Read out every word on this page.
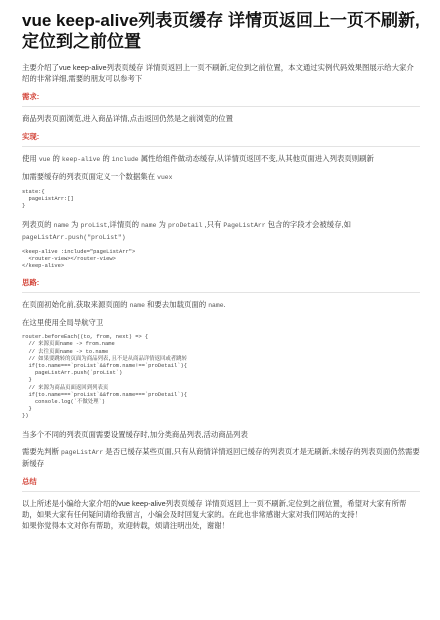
vue keep-alive列表页缓存 详情页返回上一页不刷新,定位到之前位置
主要介绍了vue keep-alive列表页缓存 详情页返回上一页不刷新,定位到之前位置，本文通过实例代码效果图展示给大家介绍的非常详细,需要的朋友可以参考下
需求:
商品列表页面浏览,进入商品详情,点击返回仍然是之前浏览的位置
实现:
使用 vue 的 keep-alive 的 include 属性给组件做动态缓存,从详情页返回不变,从其他页面进入列表页则刷新
加需要缓存的列表页面定义一个数据集在 vuex
state:{
pageListArr:[]
}
列表页的 name 为 proList,详情页的 name 为 proDetail ,只有 PageListArr 包含的字段才会被缓存,如 pageListArr.push("proList")
<keep-alive :include="pageListArr">
<router-view></router-view>
</keep-alive>
思路:
在页面初始化前,获取来源页面的 name 和要去加载页面的 name.
在这里使用全局导航守卫
router.beforeEach((to, from, next) => {
// 来源页面name -> from.name
// 去往页面name -> to.name
// 如果要跳转的页面为商品列表,且不是从商品详情返回或者跳转
if(to.name===`proList`&&from.name!==`proDetail`){
pageListArr.push(`proList`)
}
// 来源为商品页面返回到列表页
if(to.name===`proList`&&from.name===`proDetail`){
console.log(`不做处理`)
}
})
当多个不同的列表页面需要设置缓存时,加分类商品列表,活动商品列表
需要先判断 pageListArr 是否已缓存某些页面,只有从商情详情返回已缓存的列表页才是无刷新,未缓存的列表页面仍然需要新缓存
总结
以上所述是小编给大家介绍的vue keep-alive列表页缓存 详情页返回上一页不刷新,定位到之前位置，希望对大家有所帮助，如果大家有任何疑问请给我留言，小编会及时回复大家的。在此也非常感谢大家对我们网站的支持！
如果你觉得本文对你有帮助，欢迎转载，烦请注明出处，谢谢！
